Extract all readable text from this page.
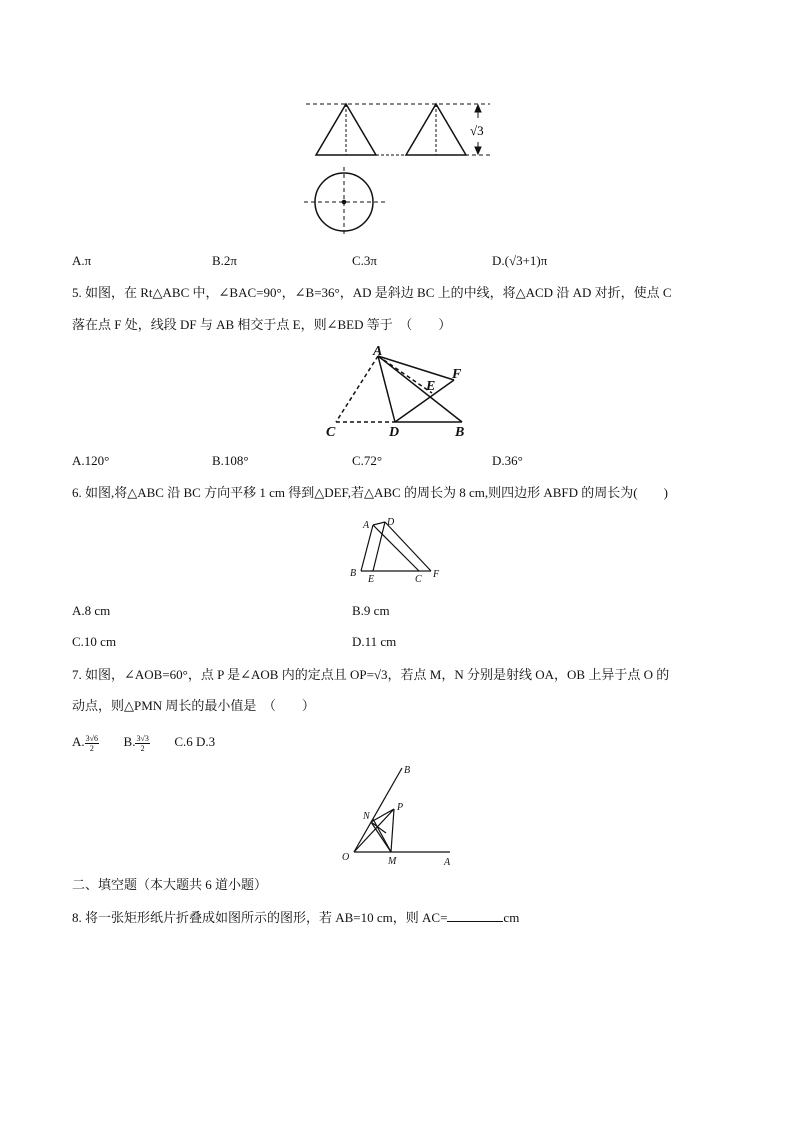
√3
A.π	B.2π	C.3π	D.(√3+1)π
5. 如图，在 Rt△ABC 中，∠BAC=90°，∠B=36°，AD 是斜边 BC 上的中线，将△ACD 沿 AD 对折，使点 C
落在点 F 处，线段 DF 与 AB 相交于点 E，则∠BED 等于　（　　）
A
C	D	B
E
F
A.120°	B.108°	C.72°	D.36°
6. 如图,将△ABC 沿 BC 方向平移 1 cm 得到△DEF,若△ABC 的周长为 8 cm,则四边形 ABFD 的周长为(　　)
A D
B
E	C F
A.8 cm	B.9 cm
C.10 cm	D.11 cm
7. 如图，∠AOB=60°，点 P 是∠AOB 内的定点且 OP=√3，若点 M，N 分别是射线 OA，OB 上异于点 O 的
动点，则△PMN 周长的最小值是　（　　）
A. $\frac{3√6}{2} B$. $\frac{3√3}{2} C.6$ D.3
O	A
B
M
N
P
二、填空题（本大题共 6 道小题）
8. 将一张矩形纸片折叠成如图所示的图形，若 AB=10 cm，则 AC=	cm
